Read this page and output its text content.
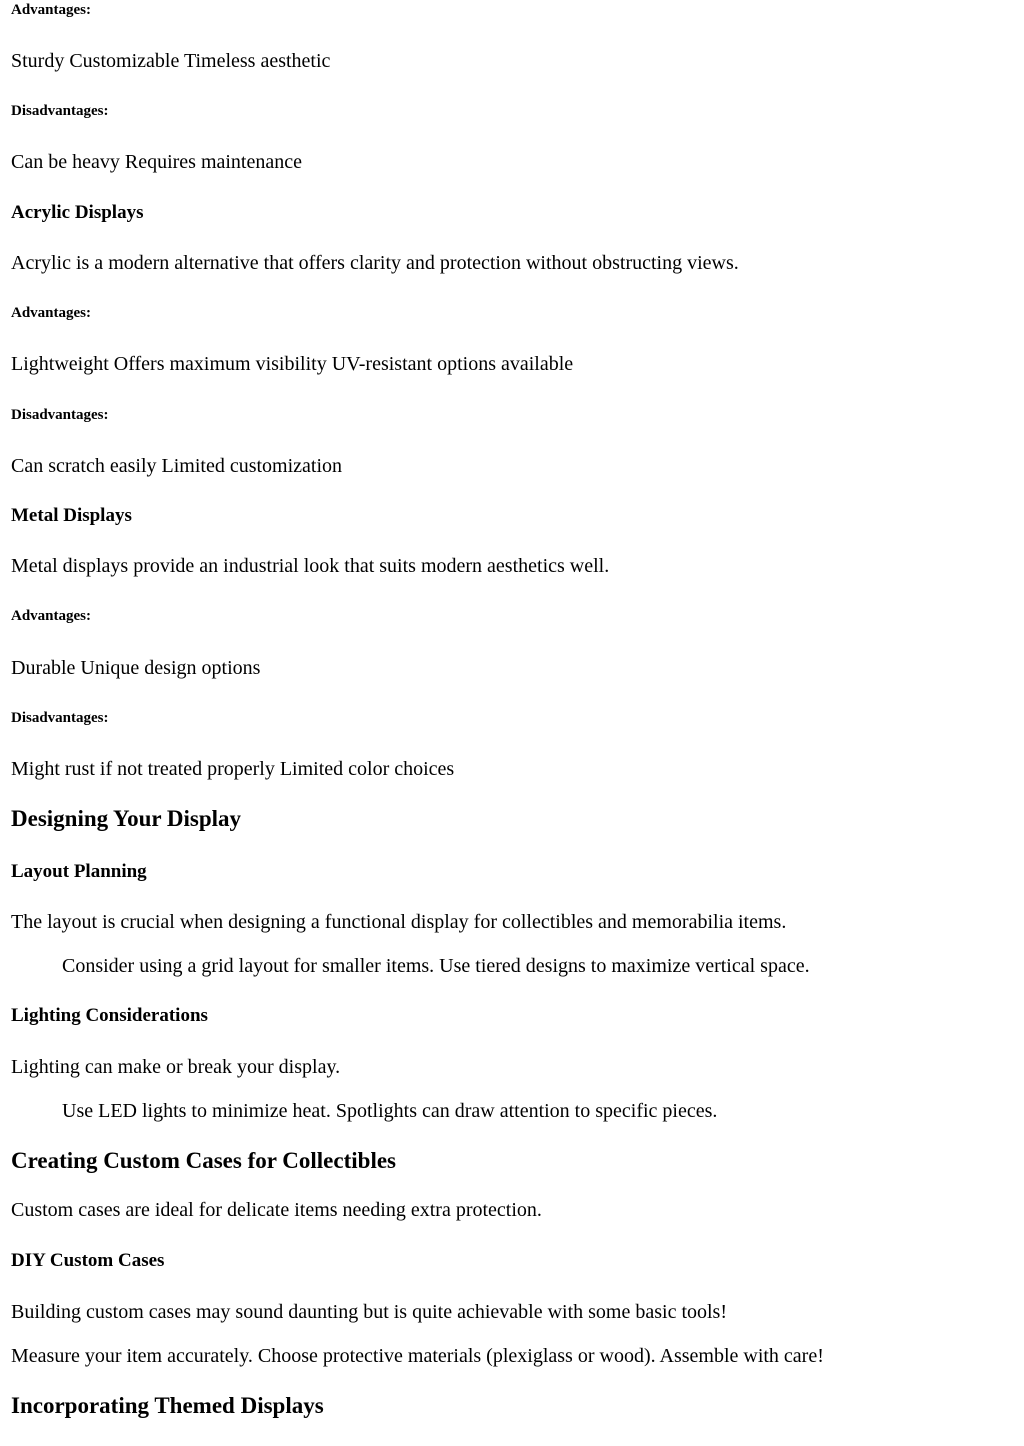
Advantages:

Sturdy Customizable Timeless aesthetic

Disadvantages:

Can be heavy Requires maintenance

Acrylic Displays

Acrylic is a modern alternative that offers clarity and protection without obstructing views.

Advantages:

Lightweight Offers maximum visibility UV-resistant options available

Disadvantages:

Can scratch easily Limited customization

Metal Displays

Metal displays provide an industrial look that suits modern aesthetics well.

Advantages:

Durable Unique design options

Disadvantages:

Might rust if not treated properly Limited color choices

Designing Your Display
Layout Planning

The layout is crucial when designing a functional display for collectibles and memorabilia items.

Consider using a grid layout for smaller items. Use tiered designs to maximize vertical space.

Lighting Considerations

Lighting can make or break your display.

Use LED lights to minimize heat. Spotlights can draw attention to specific pieces.

Creating Custom Cases for Collectibles

Custom cases are ideal for delicate items needing extra protection.

DIY Custom Cases

Building custom cases may sound daunting but is quite achievable with some basic tools!

Measure your item accurately. Choose protective materials (plexiglass or wood). Assemble with care!

Incorporating Themed Displays
